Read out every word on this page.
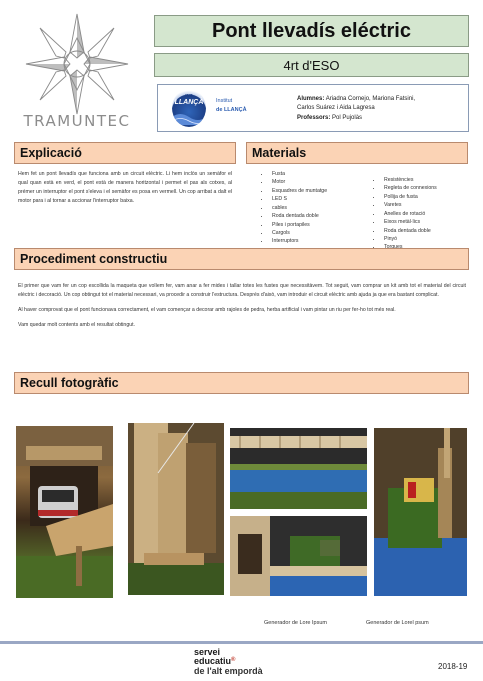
TRAMUNTEC
Pont llevadís eléctric
4rt d'ESO
INS
LLANÇÀ	Institut
de LLANÇÀ
Alumnes: Ariadna Cornejo, Mariona Fatsini,
Carlos Suárez i Aida Lagresa
Professors: Pol Pujolàs
Explicació

Hem fet un pont llevadís que funciona amb un circuit elèctric. Li hem inclòs un semàfor el qual quan està en verd, el pont està de manera horitzontal i permet el pas als cotxes, al prémer un interruptor el pont s'eleva i el semàfor es posa en vermell. Un cop arribat a dalt el motor para i al tornar a accionar l'interruptor baixa.

Materials
• Fusta
• Motor
• Esquadres de muntatge
• LED S
• cables
• Roda dentada doble
• Piles i portapiles
• Cargols
• Interruptors
• Resistències
• Regleta de connexions
• Pollija de fusta
• Varetes
• Anelles de rotació
• Eixos metàl·lics
• Roda dentada doble
• Pinyó
•
Procediment constructiu

El primer que vam fer un cop escollida la maqueta que volíem fer, vam anar a fer mides i tallar totes les fustes que necessitàvem. Tot seguit, vam comprar un kit amb tot el material del circuit elèctric i decoració. Un cop obtingut tot el material necessari, va procedir a construir l'estructura. Després d'això, vam introduir el circuit elèctric amb ajuda ja que era bastant complicat.

Al haver comprovat que el pont funcionava correctament, el vam començar a decorar amb rajoles de pedra, herba artificial i vam pintar un riu per fer-ho tot més real.

Vam quedar molt contents amb el resultat obtingut.

Recull fotogràfic
Generador de Lore Ipsum	Generador de Lorel psum
servei
educatiu®
de l'alt empordà	2018-19
